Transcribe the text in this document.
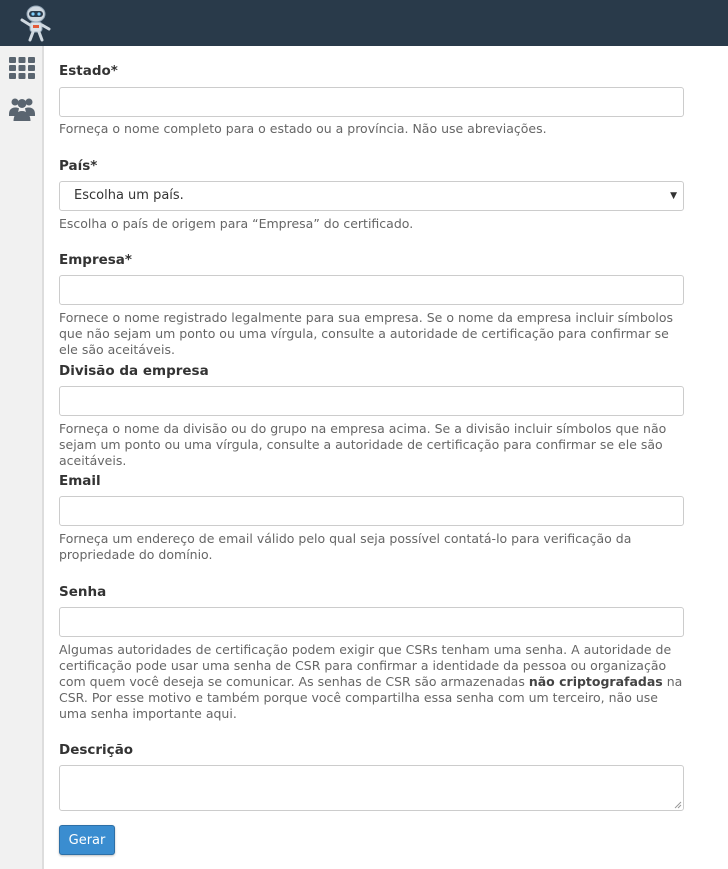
Estado*
Forneça o nome completo para o estado ou a província. Não use abreviações.
País*
Escolha um país.	▼
Escolha o país de origem para “Empresa” do certificado.
Empresa*
Fornece o nome registrado legalmente para sua empresa. Se o nome da empresa incluir símbolos que não sejam um ponto ou uma vírgula, consulte a autoridade de certificação para confirmar se ele são aceitáveis.
Divisão da empresa
Forneça o nome da divisão ou do grupo na empresa acima. Se a divisão incluir símbolos que não sejam um ponto ou uma vírgula, consulte a autoridade de certificação para confirmar se ele são aceitáveis.
Email
Forneça um endereço de email válido pelo qual seja possível contatá-lo para verificação da propriedade do domínio.
Senha
Algumas autoridades de certificação podem exigir que CSRs tenham uma senha. A autoridade de certificação pode usar uma senha de CSR para confirmar a identidade da pessoa ou organização com quem você deseja se comunicar. As senhas de CSR são armazenadas não criptografadas na CSR. Por esse motivo e também porque você compartilha essa senha com um terceiro, não use uma senha importante aqui.
Descrição
Gerar
